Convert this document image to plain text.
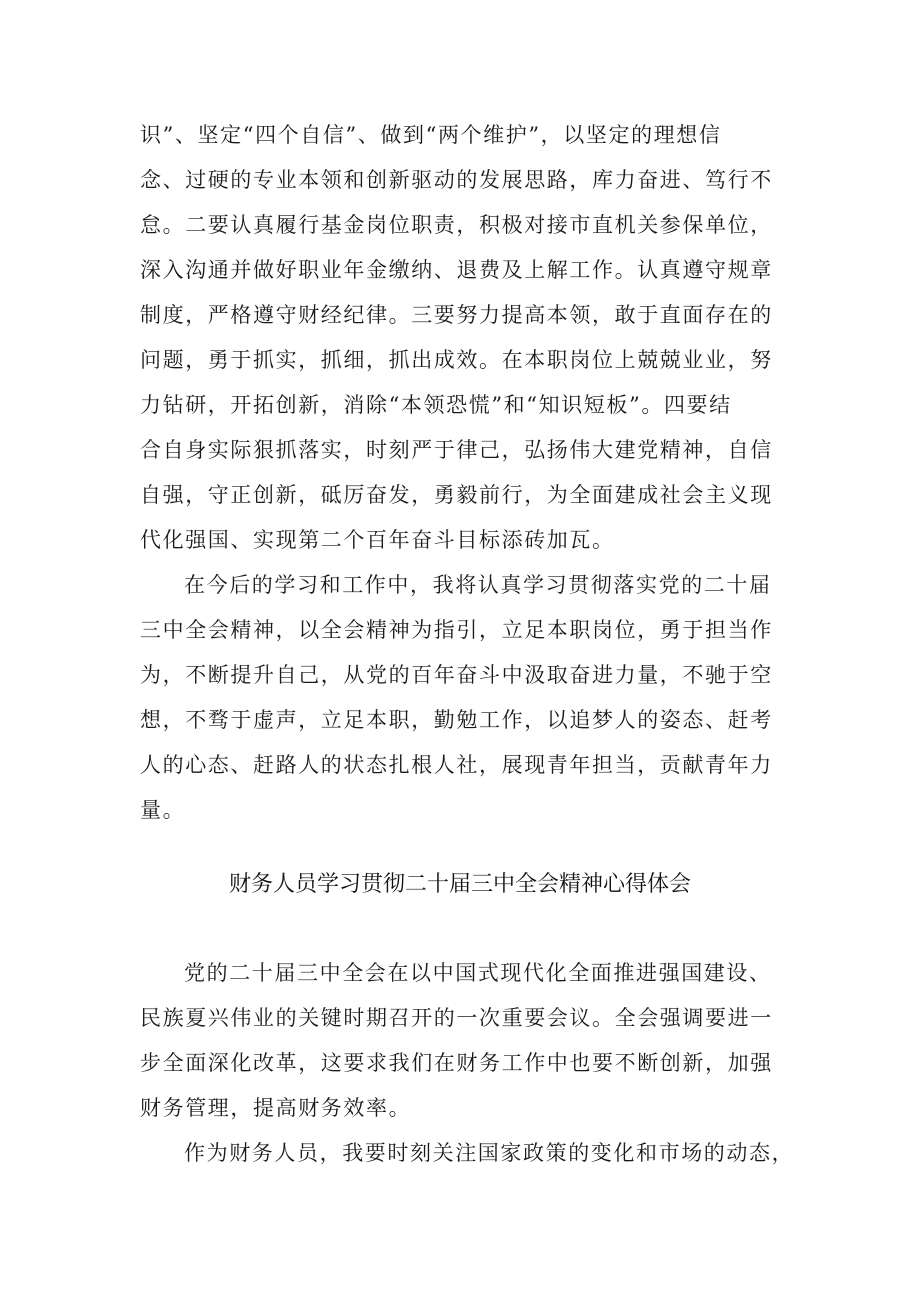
识”、坚定“四个自信”、做到“两个维护”，以坚定的理想信
念、过硬的专业本领和创新驱动的发展思路，库力奋进、笃行不
怠。二要认真履行基金岗位职责，积极对接市直机关参保单位，
深入沟通并做好职业年金缴纳、退费及上解工作。认真遵守规章
制度，严格遵守财经纪律。三要努力提高本领，敢于直面存在的
问题，勇于抓实，抓细，抓出成效。在本职岗位上兢兢业业，努
力钻研，开拓创新，消除“本领恐慌”和“知识短板”。四要结
合自身实际狠抓落实，时刻严于律己，弘扬伟大建党精神，自信
自强，守正创新，砥厉奋发，勇毅前行，为全面建成社会主义现
代化强国、实现第二个百年奋斗目标添砖加瓦。
在今后的学习和工作中，我将认真学习贯彻落实党的二十届
三中全会精神，以全会精神为指引，立足本职岗位，勇于担当作
为，不断提升自己，从党的百年奋斗中汲取奋进力量，不驰于空
想，不骛于虚声，立足本职，勤勉工作，以追梦人的姿态、赶考
人的心态、赶路人的状态扎根人社，展现青年担当，贡献青年力
量。
财务人员学习贯彻二十届三中全会精神心得体会
党的二十届三中全会在以中国式现代化全面推进强国建设、
民族夏兴伟业的关键时期召开的一次重要会议。全会强调要进一
步全面深化改革，这要求我们在财务工作中也要不断创新，加强
财务管理，提高财务效率。
作为财务人员，我要时刻关注国家政策的变化和市场的动态，
